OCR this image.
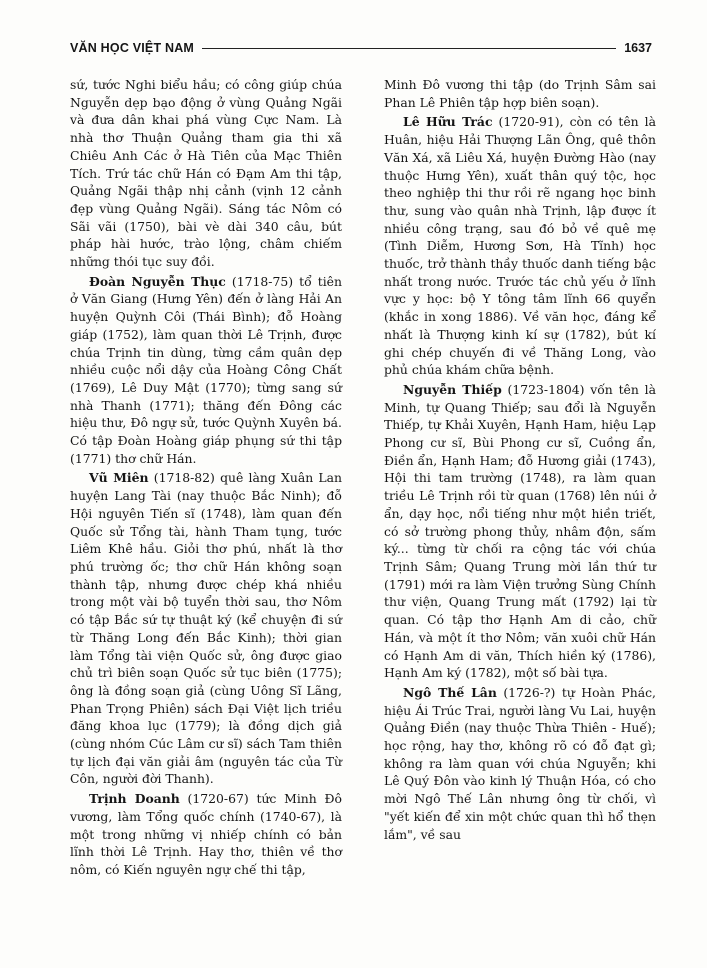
VĂN HỌC VIỆT NAM	1637

sứ, tước Nghi biểu hầu; có công giúp chúa Nguyễn dẹp bạo động ở vùng Quảng Ngãi và đưa dân khai phá vùng Cực Nam. Là nhà thơ Thuận Quảng tham gia thi xã Chiêu Anh Các ở Hà Tiên của Mạc Thiên Tích. Trứ tác chữ Hán có Đạm Am thi tập, Quảng Ngãi thập nhị cảnh (vịnh 12 cảnh đẹp vùng Quảng Ngãi). Sáng tác Nôm có Sãi vãi (1750), bài vè dài 340 câu, bút pháp hài hước, trào lộng, châm chiếm những thói tục suy đồi.

Đoàn Nguyễn Thục (1718-75) tổ tiên ở Văn Giang (Hưng Yên) đến ở làng Hải An huyện Quỳnh Côi (Thái Bình); đỗ Hoàng giáp (1752), làm quan thời Lê Trịnh, được chúa Trịnh tin dùng, từng cầm quân dẹp nhiều cuộc nổi dậy của Hoàng Công Chất (1769), Lê Duy Mật (1770); từng sang sứ nhà Thanh (1771); thăng đến Đông các hiệu thư, Đô ngự sử, tước Quỳnh Xuyên bá. Có tập Đoàn Hoàng giáp phụng sứ thi tập (1771) thơ chữ Hán.

Vũ Miên (1718-82) quê làng Xuân Lan huyện Lang Tài (nay thuộc Bắc Ninh); đỗ Hội nguyên Tiến sĩ (1748), làm quan đến Quốc sử Tổng tài, hành Tham tụng, tước Liêm Khê hầu. Giỏi thơ phú, nhất là thơ phú trường ốc; thơ chữ Hán không soạn thành tập, nhưng được chép khá nhiều trong một vài bộ tuyển thời sau, thơ Nôm có tập Bắc sứ tự thuật ký (kể chuyện đi sứ từ Thăng Long đến Bắc Kinh); thời gian làm Tổng tài viện Quốc sử, ông được giao chủ trì biên soạn Quốc sử tục biên (1775); ông là đồng soạn giả (cùng Uông Sĩ Lãng, Phan Trọng Phiên) sách Đại Việt lịch triều đăng khoa lục (1779); là đồng dịch giả (cùng nhóm Cúc Lâm cư sĩ) sách Tam thiên tự lịch đại văn giải âm (nguyên tác của Từ Côn, người đời Thanh).

Trịnh Doanh (1720-67) tức Minh Đô vương, làm Tổng quốc chính (1740-67), là một trong những vị nhiếp chính có bản lĩnh thời Lê Trịnh. Hay thơ, thiên về thơ nôm, có Kiến nguyên ngự chế thi tập,

Minh Đô vương thi tập (do Trịnh Sâm sai Phan Lê Phiên tập hợp biên soạn).

Lê Hữu Trác (1720-91), còn có tên là Huân, hiệu Hải Thượng Lãn Ông, quê thôn Văn Xá, xã Liêu Xá, huyện Đường Hào (nay thuộc Hưng Yên), xuất thân quý tộc, học theo nghiệp thi thư rồi rẽ ngang học binh thư, sung vào quân nhà Trịnh, lập được ít nhiều công trạng, sau đó bỏ về quê mẹ (Tình Diễm, Hương Sơn, Hà Tĩnh) học thuốc, trở thành thầy thuốc danh tiếng bậc nhất trong nước. Trước tác chủ yếu ở lĩnh vực y học: bộ Y tông tâm lĩnh 66 quyển (khắc in xong 1886). Về văn học, đáng kể nhất là Thượng kinh kí sự (1782), bút kí ghi chép chuyến đi về Thăng Long, vào phủ chúa khám chữa bệnh.

Nguyễn Thiếp (1723-1804) vốn tên là Minh, tự Quang Thiếp; sau đổi là Nguyễn Thiếp, tự Khải Xuyên, Hạnh Ham, hiệu Lạp Phong cư sĩ, Bùi Phong cư sĩ, Cuồng ẩn, Điền ẩn, Hạnh Ham; đỗ Hương giải (1743), Hội thi tam trường (1748), ra làm quan triều Lê Trịnh rồi từ quan (1768) lên núi ở ẩn, dạy học, nổi tiếng như một hiền triết, có sở trường phong thủy, nhâm độn, sấm ký... từng từ chối ra cộng tác với chúa Trịnh Sâm; Quang Trung mời lần thứ tư (1791) mới ra làm Viện trưởng Sùng Chính thư viện, Quang Trung mất (1792) lại từ quan. Có tập thơ Hạnh Am di cảo, chữ Hán, và một ít thơ Nôm; văn xuôi chữ Hán có Hạnh Am di văn, Thích hiền ký (1786), Hạnh Am ký (1782), một số bài tựa.

Ngô Thế Lân (1726-?) tự Hoàn Phác, hiệu Ái Trúc Trai, người làng Vu Lai, huyện Quảng Điền (nay thuộc Thừa Thiên - Huế); học rộng, hay thơ, không rõ có đỗ đạt gì; không ra làm quan với chúa Nguyễn; khi Lê Quý Đôn vào kinh lý Thuận Hóa, có cho mời Ngô Thế Lân nhưng ông từ chối, vì "yết kiến để xin một chức quan thì hổ thẹn lắm", về sau
